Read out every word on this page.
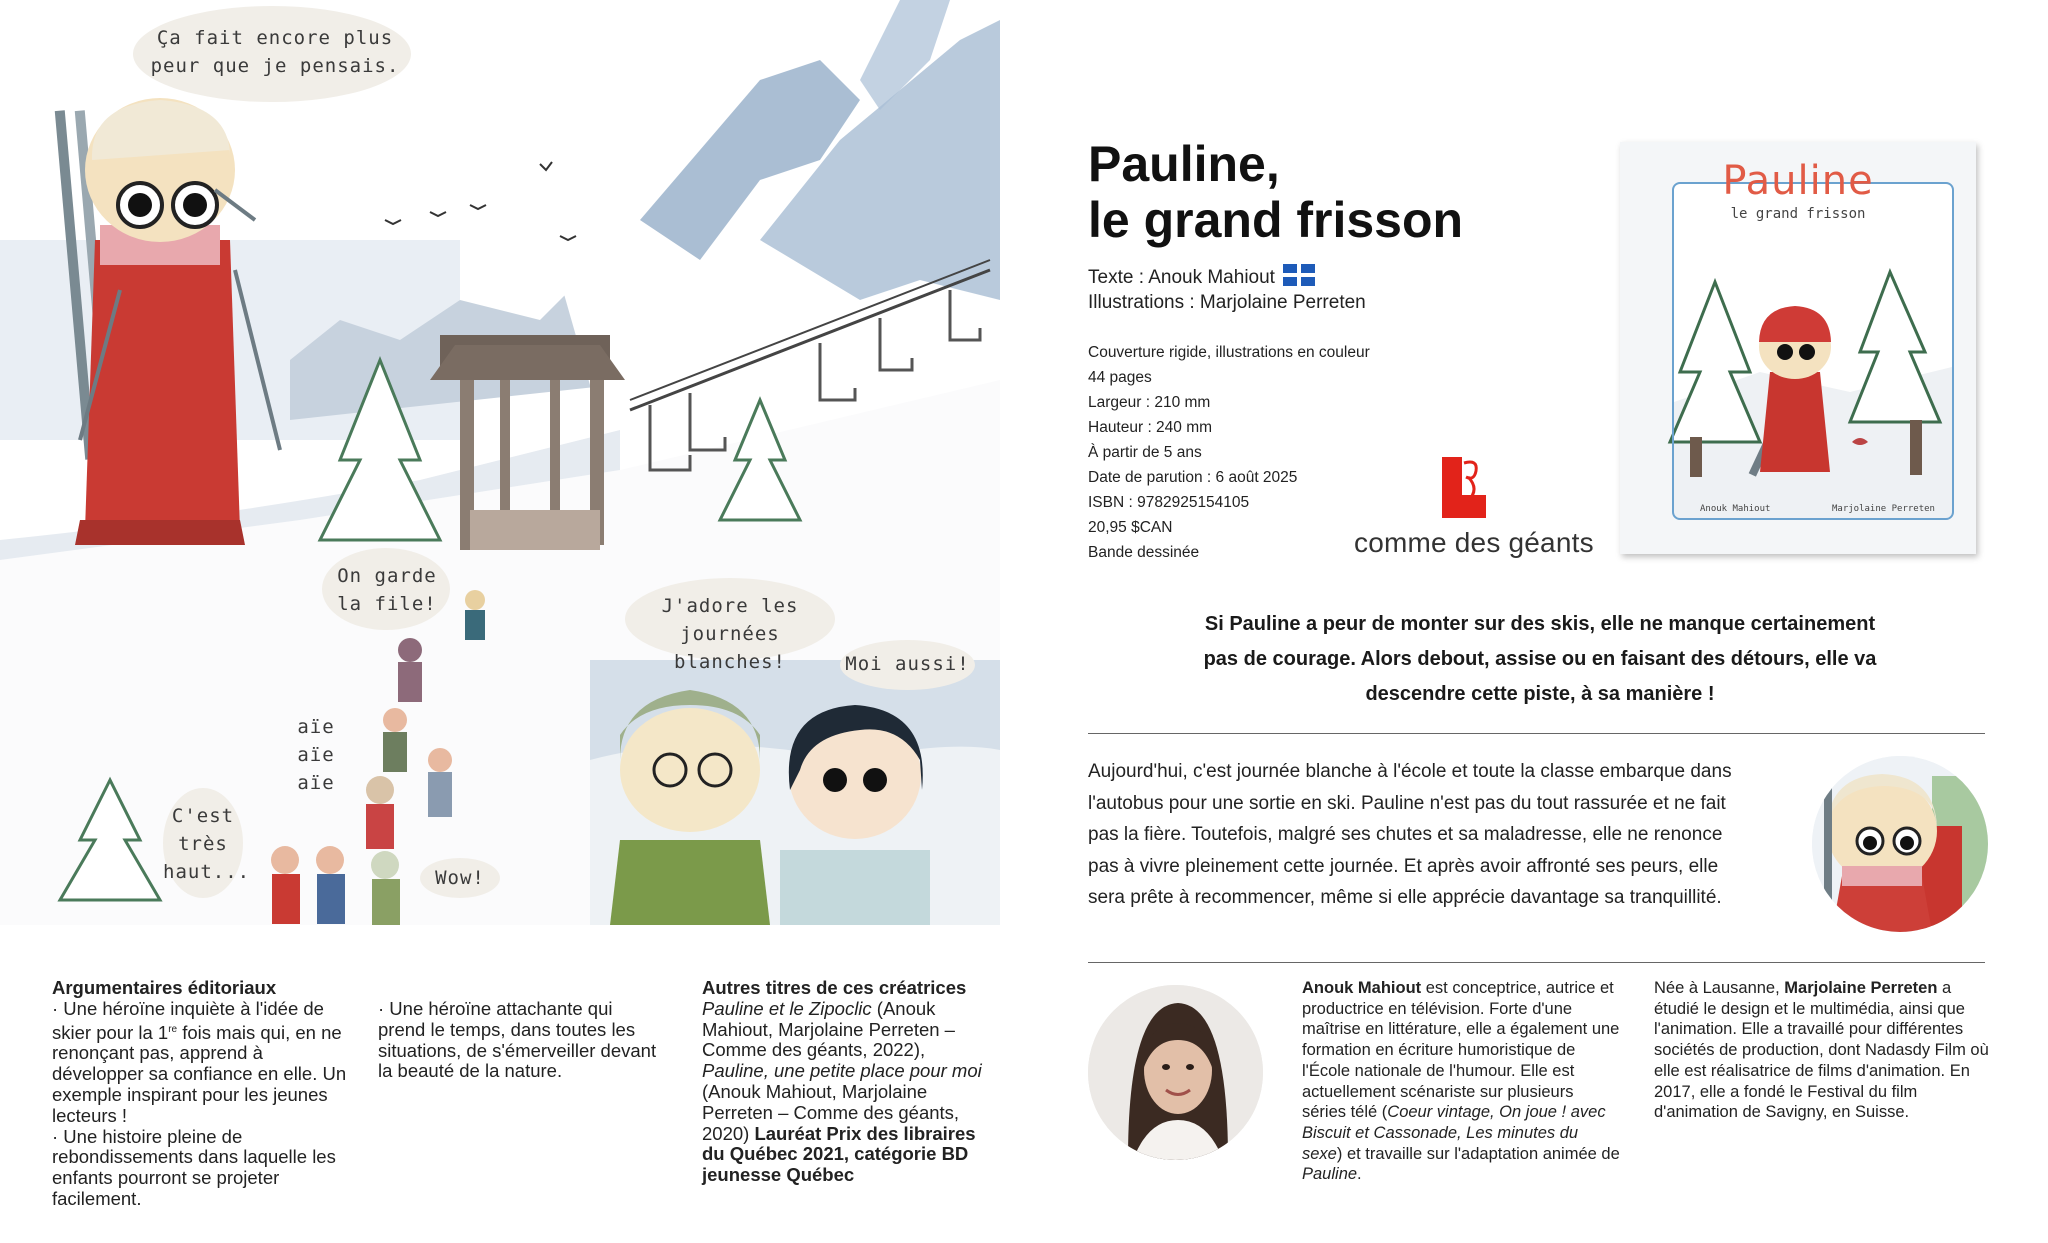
Ça fait encore plus
peur que je pensais.
On garde
la file!	J'adore les
journées blanches!	Moi aussi!
aïe
aïe
aïe
C'est
très
haut...	Wow!
Pauline,
le grand frisson
Texte : Anouk Mahiout
Illustrations : Marjolaine Perreten
Couverture rigide, illustrations en couleur
44 pages
Largeur : 210 mm
Hauteur : 240 mm
À partir de 5 ans
Date de parution : 6 août 2025
ISBN : 9782925154105
20,95 $CAN
Bande dessinée	comme des géants
Pauline
le grand frisson
Anouk Mahiout	Marjolaine Perreten
Si Pauline a peur de monter sur des skis, elle ne manque certainement pas de courage. Alors debout, assise ou en faisant des détours, elle va descendre cette piste, à sa manière !
Aujourd'hui, c'est journée blanche à l'école et toute la classe embarque dans l'autobus pour une sortie en ski. Pauline n'est pas du tout rassurée et ne fait pas la fière. Toutefois, malgré ses chutes et sa maladresse, elle ne renonce pas à vivre pleinement cette journée. Et après avoir affronté ses peurs, elle sera prête à recommencer, même si elle apprécie davantage sa tranquillité.
Anouk Mahiout est conceptrice, autrice et productrice en télévision. Forte d'une maîtrise en littérature, elle a également une formation en écriture humoristique de l'École nationale de l'humour. Elle est actuellement scénariste sur plusieurs séries télé (Coeur vintage, On joue ! avec Biscuit et Cassonade, Les minutes du sexe) et travaille sur l'adaptation animée de Pauline.
Née à Lausanne, Marjolaine Perreten a étudié le design et le multimédia, ainsi que l'animation. Elle a travaillé pour différentes sociétés de production, dont Nadasdy Film où elle est réalisatrice de films d'animation. En 2017, elle a fondé le Festival du film d'animation de Savigny, en Suisse.
Argumentaires éditoriaux
· Une héroïne inquiète à l'idée de skier pour la 1re fois mais qui, en ne renonçant pas, apprend à développer sa confiance en elle. Un exemple inspirant pour les jeunes lecteurs !
· Une histoire pleine de rebondissements dans laquelle les enfants pourront se projeter facilement.
· Une héroïne attachante qui prend le temps, dans toutes les situations, de s'émerveiller devant la beauté de la nature.
Autres titres de ces créatrices
Pauline et le Zipoclic (Anouk Mahiout, Marjolaine Perreten – Comme des géants, 2022),
Pauline, une petite place pour moi (Anouk Mahiout, Marjolaine Perreten – Comme des géants, 2020) Lauréat Prix des libraires du Québec 2021, catégorie BD jeunesse Québec
